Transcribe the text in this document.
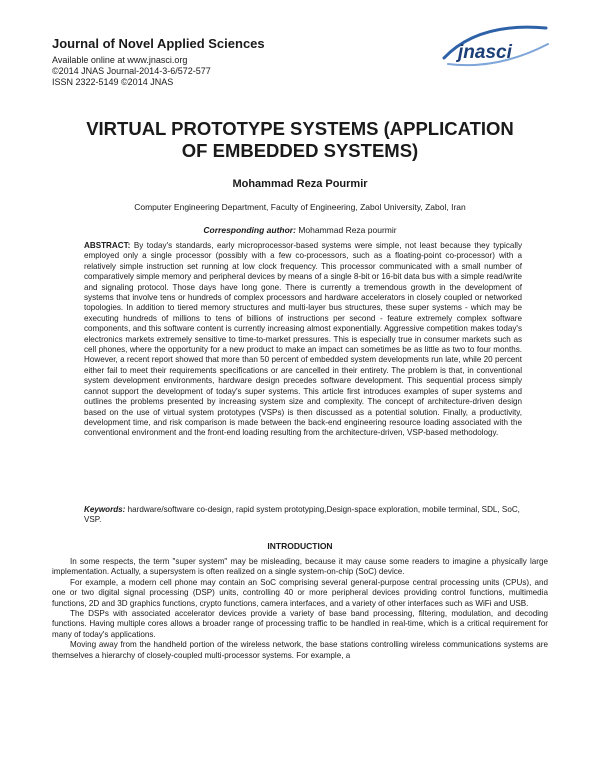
Journal of Novel Applied Sciences

Available online at www.jnasci.org

©2014 JNAS Journal-2014-3-6/572-577

ISSN 2322-5149 ©2014 JNAS

jnasci
VIRTUAL PROTOTYPE SYSTEMS (APPLICATION
OF EMBEDDED SYSTEMS)

Mohammad Reza Pourmir

Computer Engineering Department, Faculty of Engineering, Zabol University, Zabol, Iran

Corresponding author: Mohammad Reza pourmir

ABSTRACT: By today's standards, early microprocessor-based systems were simple, not least because they typically employed only a single processor (possibly with a few co-processors, such as a floating-point co-processor) with a relatively simple instruction set running at low clock frequency. This processor communicated with a small number of comparatively simple memory and peripheral devices by means of a single 8-bit or 16-bit data bus with a simple read/write and signaling protocol. Those days have long gone. There is currently a tremendous growth in the development of systems that involve tens or hundreds of complex processors and hardware accelerators in closely coupled or networked topologies. In addition to tiered memory structures and multi-layer bus structures, these super systems - which may be executing hundreds of millions to tens of billions of instructions per second - feature extremely complex software components, and this software content is currently increasing almost exponentially. Aggressive competition makes today's electronics markets extremely sensitive to time-to-market pressures. This is especially true in consumer markets such as cell phones, where the opportunity for a new product to make an impact can sometimes be as little as two to four months. However, a recent report showed that more than 50 percent of embedded system developments run late, while 20 percent either fail to meet their requirements specifications or are cancelled in their entirety. The problem is that, in conventional system development environments, hardware design precedes software development. This sequential process simply cannot support the development of today's super systems. This article first introduces examples of super systems and outlines the problems presented by increasing system size and complexity. The concept of architecture-driven design based on the use of virtual system prototypes (VSPs) is then discussed as a potential solution. Finally, a productivity, development time, and risk comparison is made between the back-end engineering resource loading associated with the conventional environment and the front-end loading resulting from the architecture-driven, VSP-based methodology.

Keywords: hardware/software co-design, rapid system prototyping,Design-space exploration, mobile terminal, SDL, SoC, VSP.

INTRODUCTION

In some respects, the term "super system" may be misleading, because it may cause some readers to imagine a physically large implementation. Actually, a supersystem is often realized on a single system-on-chip (SoC) device.

For example, a modern cell phone may contain an SoC comprising several general-purpose central processing units (CPUs), and one or two digital signal processing (DSP) units, controlling 40 or more peripheral devices providing control functions, multimedia functions, 2D and 3D graphics functions, crypto functions, camera interfaces, and a variety of other interfaces such as WiFi and USB.

The DSPs with associated accelerator devices provide a variety of base band processing, filtering, modulation, and decoding functions. Having multiple cores allows a broader range of processing traffic to be handled in real-time, which is a critical requirement for many of today's applications.

Moving away from the handheld portion of the wireless network, the base stations controlling wireless communications systems are themselves a hierarchy of closely-coupled multi-processor systems. For example, a
